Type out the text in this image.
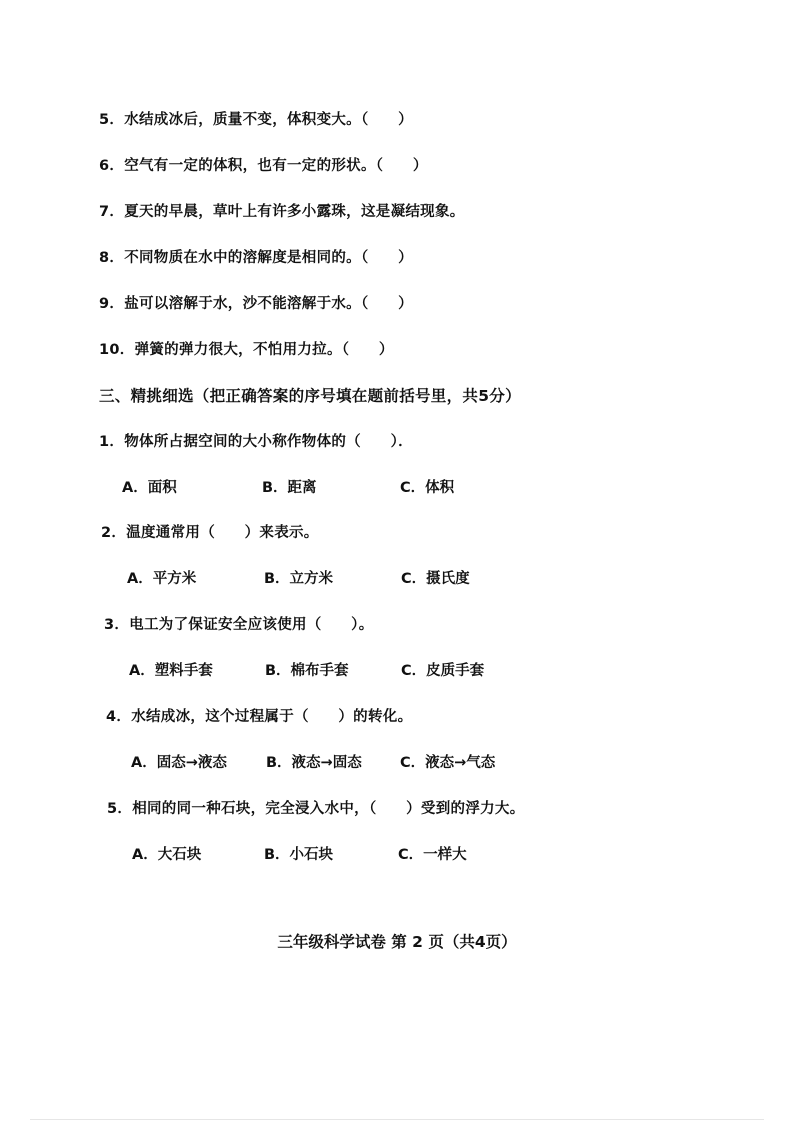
5．水结成冰后，质量不变，体积变大。（　　）
6．空气有一定的体积，也有一定的形状。（　　）
7．夏天的早晨，草叶上有许多小露珠，这是凝结现象。
8．不同物质在水中的溶解度是相同的。（　　）
9．盐可以溶解于水，沙不能溶解于水。（　　）
10．弹簧的弹力很大，不怕用力拉。（　　）
三、精挑细选（把正确答案的序号填在题前括号里，共5分）
1．物体所占据空间的大小称作物体的（　　）．
A．面积	B．距离	C．体积
2．温度通常用（　　）来表示。
A．平方米	B．立方米	C．摄氏度
3．电工为了保证安全应该使用（　　）。
A．塑料手套	B．棉布手套	C．皮质手套
4．水结成冰，这个过程属于（　　）的转化。
A．固态→液态	B．液态→固态	C．液态→气态
5．相同的同一种石块，完全浸入水中，（　　）受到的浮力大。
A．大石块	B．小石块	C．一样大
三年级科学试卷 第 2 页（共4页）
